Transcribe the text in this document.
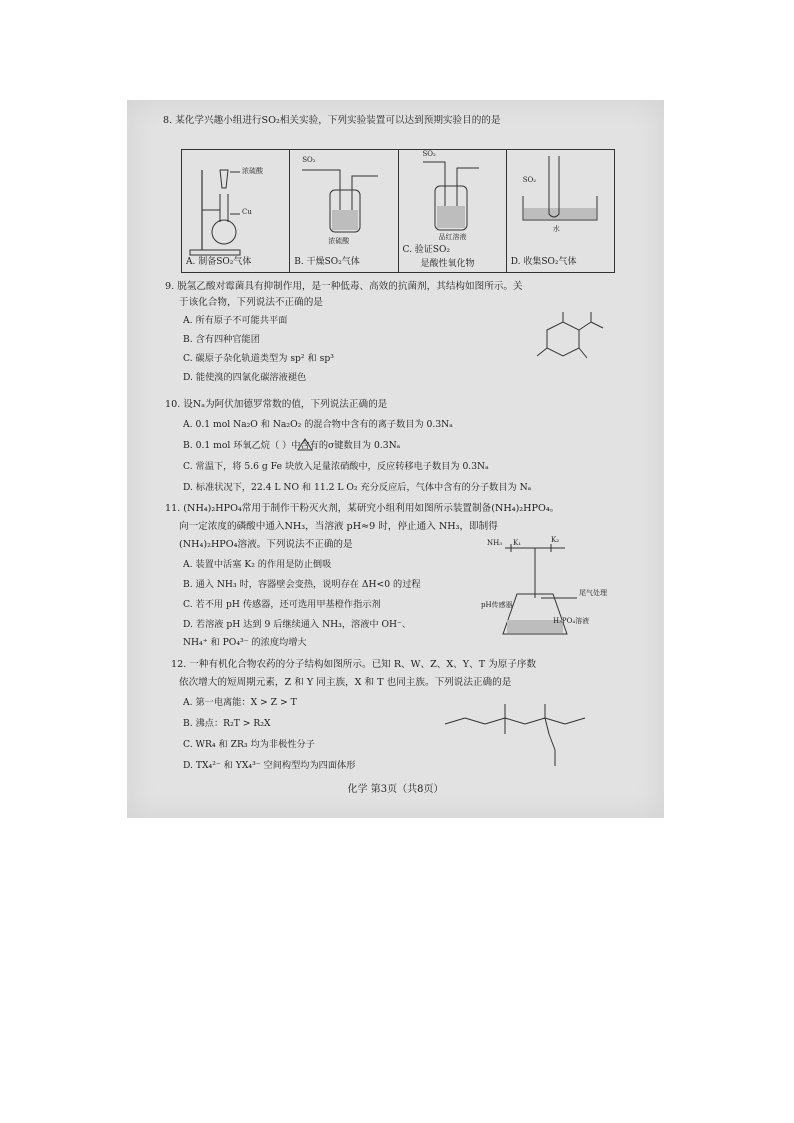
8. 某化学兴趣小组进行SO₂相关实验，下列实验装置可以达到预期实验目的的是
浓硫酸
Cu
A. 制备SO₂气体
SO₂
浓硫酸
B. 干燥SO₂气体
SO₂
品红溶液
C. 验证SO₂
是酸性氧化物
SO₂
水
D. 收集SO₂气体
9. 脱氢乙酸对霉菌具有抑制作用，是一种低毒、高效的抗菌剂，其结构如图所示。关
于该化合物，下列说法不正确的是
A. 所有原子不可能共平面
B. 含有四种官能团
C. 碳原子杂化轨道类型为 sp² 和 sp³
D. 能使溴的四氯化碳溶液褪色
10. 设Nₐ为阿伏加德罗常数的值，下列说法正确的是
A. 0.1 mol Na₂O 和 Na₂O₂ 的混合物中含有的离子数目为 0.3Nₐ
B. 0.1 mol 环氧乙烷（ ）中含有的σ键数目为 0.3Nₐ
C. 常温下，将 5.6 g Fe 块放入足量浓硝酸中，反应转移电子数目为 0.3Nₐ
D. 标准状况下，22.4 L NO 和 11.2 L O₂ 充分反应后，气体中含有的分子数目为 Nₐ
11. (NH₄)₂HPO₄常用于制作干粉灭火剂，某研究小组利用如图所示装置制备(NH₄)₂HPO₄。
向一定浓度的磷酸中通入NH₃，当溶液 pH≈9 时，停止通入 NH₃，即制得
(NH₄)₂HPO₄溶液。下列说法不正确的是
A. 装置中活塞 K₂ 的作用是防止倒吸
B. 通入 NH₃ 时，容器壁会变热，说明存在 ΔH<0 的过程
C. 若不用 pH 传感器，还可选用甲基橙作指示剂
D. 若溶液 pH 达到 9 后继续通入 NH₃，溶液中 OH⁻、
NH₄⁺ 和 PO₄³⁻ 的浓度均增大
NH₃ K₁	K₂
尾气处理
pH传感器
H₃PO₄溶液
12. 一种有机化合物农药的分子结构如图所示。已知 R、W、Z、X、Y、T 为原子序数
依次增大的短周期元素，Z 和 Y 同主族，X 和 T 也同主族。下列说法正确的是
A. 第一电离能：X > Z > T
B. 沸点：R₂T > R₂X
C. WR₄ 和 ZR₃ 均为非极性分子
D. TX₄²⁻ 和 YX₄³⁻ 空间构型均为四面体形
化学 第3页（共8页）
